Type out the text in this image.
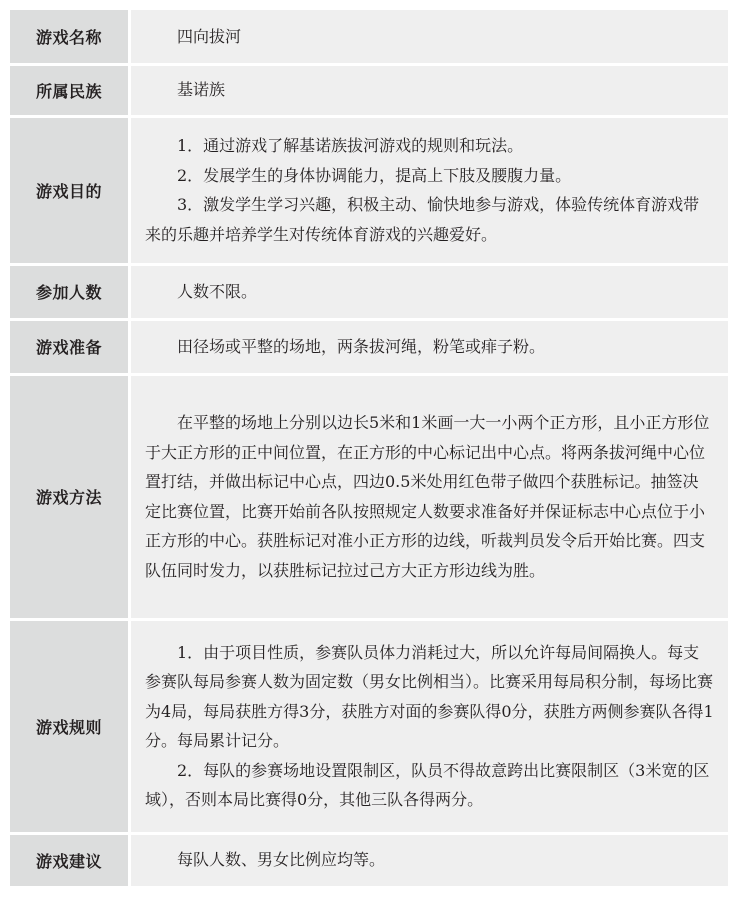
游戏名称	四向拔河

所属民族	基诺族

游戏目的	1．通过游戏了解基诺族拔河游戏的规则和玩法。

2．发展学生的身体协调能力，提高上下肢及腰腹力量。

3．激发学生学习兴趣，积极主动、愉快地参与游戏，体验传统体育游戏带来的乐趣并培养学生对传统体育游戏的兴趣爱好。

参加人数	人数不限。

游戏准备	田径场或平整的场地，两条拔河绳，粉笔或痱子粉。

游戏方法	在平整的场地上分别以边长5米和1米画一大一小两个正方形，且小正方形位于大正方形的正中间位置，在正方形的中心标记出中心点。将两条拔河绳中心位置打结，并做出标记中心点，四边0.5米处用红色带子做四个获胜标记。抽签决定比赛位置，比赛开始前各队按照规定人数要求准备好并保证标志中心点位于小正方形的中心。获胜标记对准小正方形的边线，听裁判员发令后开始比赛。四支队伍同时发力，以获胜标记拉过己方大正方形边线为胜。

游戏规则	1．由于项目性质，参赛队员体力消耗过大，所以允许每局间隔换人。每支参赛队每局参赛人数为固定数（男女比例相当）。比赛采用每局积分制，每场比赛为4局，每局获胜方得3分，获胜方对面的参赛队得0分，获胜方两侧参赛队各得1分。每局累计记分。

2．每队的参赛场地设置限制区，队员不得故意跨出比赛限制区（3米宽的区域），否则本局比赛得0分，其他三队各得两分。

游戏建议	每队人数、男女比例应均等。
